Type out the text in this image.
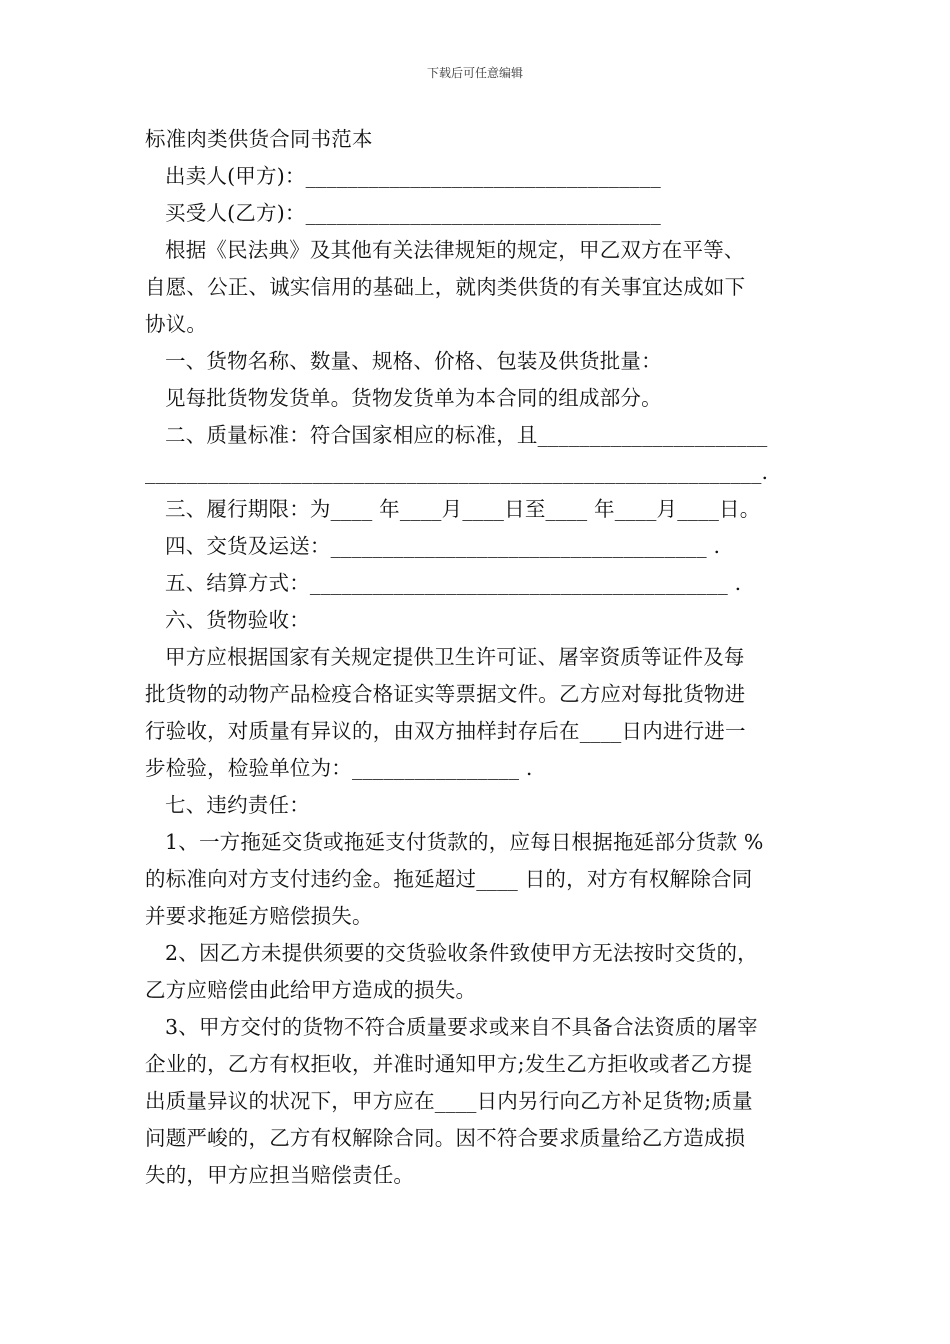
下载后可任意编辑
标准肉类供货合同书范本
出卖人(甲方)：__________________________________
买受人(乙方)：__________________________________
根据《民法典》及其他有关法律规矩的规定，甲乙双方在平等、
自愿、公正、诚实信用的基础上，就肉类供货的有关事宜达成如下
协议。
一、货物名称、数量、规格、价格、包装及供货批量：
见每批货物发货单。货物发货单为本合同的组成部分。
二、质量标准：符合国家相应的标准，且______________________
___________________________________________________________.
三、履行期限：为____ 年____月____日至____ 年____月____日。
四、交货及运送：____________________________________ .
五、结算方式：________________________________________ .
六、货物验收：
甲方应根据国家有关规定提供卫生许可证、屠宰资质等证件及每
批货物的动物产品检疫合格证实等票据文件。乙方应对每批货物进
行验收，对质量有异议的，由双方抽样封存后在____日内进行进一
步检验，检验单位为：________________ .
七、违约责任：
1、一方拖延交货或拖延支付货款的，应每日根据拖延部分货款 %
的标准向对方支付违约金。拖延超过____ 日的，对方有权解除合同
并要求拖延方赔偿损失。
2、因乙方未提供须要的交货验收条件致使甲方无法按时交货的，
乙方应赔偿由此给甲方造成的损失。
3、甲方交付的货物不符合质量要求或来自不具备合法资质的屠宰
企业的，乙方有权拒收，并准时通知甲方;发生乙方拒收或者乙方提
出质量异议的状况下，甲方应在____日内另行向乙方补足货物;质量
问题严峻的，乙方有权解除合同。因不符合要求质量给乙方造成损
失的，甲方应担当赔偿责任。
